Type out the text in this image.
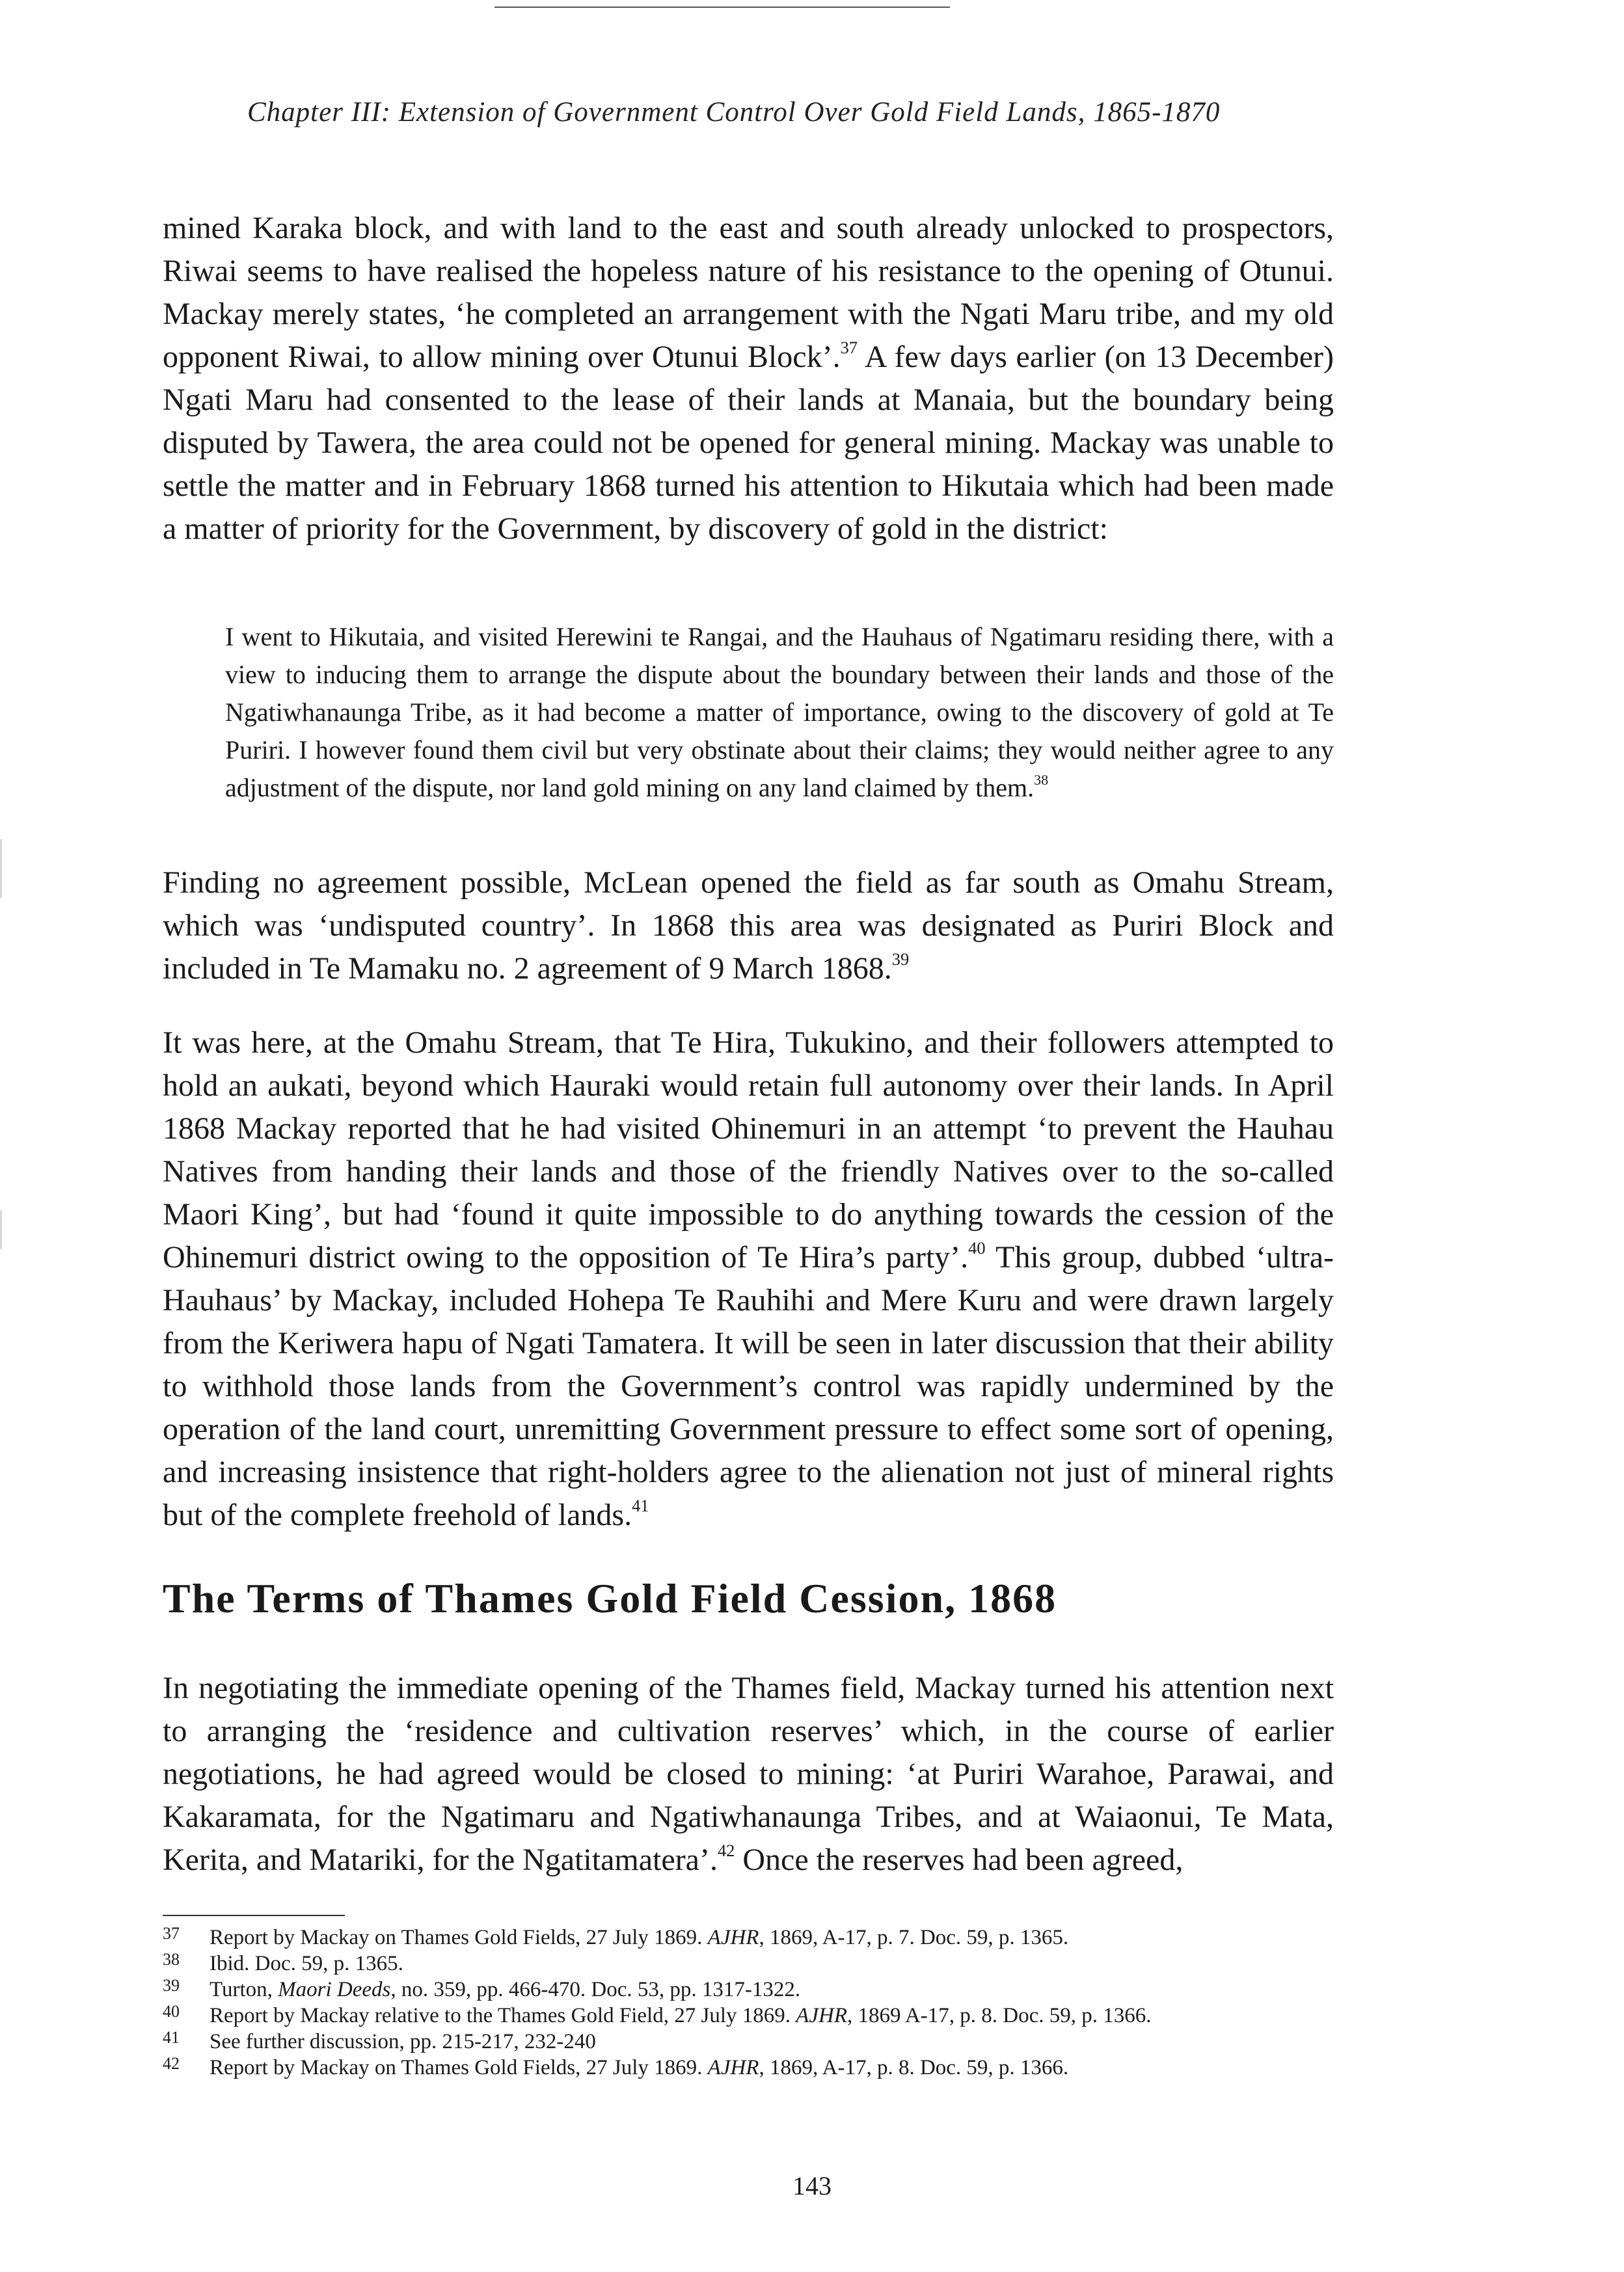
Chapter III: Extension of Government Control Over Gold Field Lands, 1865-1870

mined Karaka block, and with land to the east and south already unlocked to prospectors, Riwai seems to have realised the hopeless nature of his resistance to the opening of Otunui. Mackay merely states, ‘he completed an arrangement with the Ngati Maru tribe, and my old opponent Riwai, to allow mining over Otunui Block’.$^{37}$ A few days earlier (on 13 December) Ngati Maru had consented to the lease of their lands at Manaia, but the boundary being disputed by Tawera, the area could not be opened for general mining. Mackay was unable to settle the matter and in February 1868 turned his attention to Hikutaia which had been made a matter of priority for the Government, by discovery of gold in the district:

I went to Hikutaia, and visited Herewini te Rangai, and the Hauhaus of Ngatimaru residing there, with a view to inducing them to arrange the dispute about the boundary between their lands and those of the Ngatiwhanaunga Tribe, as it had become a matter of importance, owing to the discovery of gold at Te Puriri. I however found them civil but very obstinate about their claims; they would neither agree to any adjustment of the dispute, nor land gold mining on any land claimed by them.$^{38}$

Finding no agreement possible, McLean opened the field as far south as Omahu Stream, which was ‘undisputed country’. In 1868 this area was designated as Puriri Block and included in Te Mamaku no. 2 agreement of 9 March 1868.39

It was here, at the Omahu Stream, that Te Hira, Tukukino, and their followers attempted to hold an aukati, beyond which Hauraki would retain full autonomy over their lands. In April 1868 Mackay reported that he had visited Ohinemuri in an attempt ‘to prevent the Hauhau Natives from handing their lands and those of the friendly Natives over to the so-called Maori King’, but had ‘found it quite impossible to do anything towards the cession of the Ohinemuri district owing to the opposition of Te Hira’s party’.$^{40}$ This group, dubbed ‘ultra-Hauhaus’ by Mackay, included Hohepa Te Rauhihi and Mere Kuru and were drawn largely from the Keriwera hapu of Ngati Tamatera. It will be seen in later discussion that their ability to withhold those lands from the Government’s control was rapidly undermined by the operation of the land court, unremitting Government pressure to effect some sort of opening, and increasing insistence that right-holders agree to the alienation not just of mineral rights but of the complete freehold of lands.$^{41}$

The Terms of Thames Gold Field Cession, 1868

In negotiating the immediate opening of the Thames field, Mackay turned his attention next to arranging the ‘residence and cultivation reserves’ which, in the course of earlier negotiations, he had agreed would be closed to mining: ‘at Puriri Warahoe, Parawai, and Kakaramata, for the Ngatimaru and Ngatiwhanaunga Tribes, and at Waiaonui, Te Mata, Kerita, and Matariki, for the Ngatitamatera’.$^{42}$ Once the reserves had been agreed,

37	Report by Mackay on Thames Gold Fields, 27 July 1869. AJHR, 1869, A-17, p. 7. Doc. 59, p. 1365.
38	Ibid. Doc. 59, p. 1365.
39	Turton, Maori Deeds, no. 359, pp. 466-470. Doc. 53, pp. 1317-1322.
40	Report by Mackay relative to the Thames Gold Field, 27 July 1869. AJHR, 1869 A-17, p. 8. Doc. 59, p. 1366.
41	See further discussion, pp. 215-217, 232-240
42	Report by Mackay on Thames Gold Fields, 27 July 1869. AJHR, 1869, A-17, p. 8. Doc. 59, p. 1366.
143
